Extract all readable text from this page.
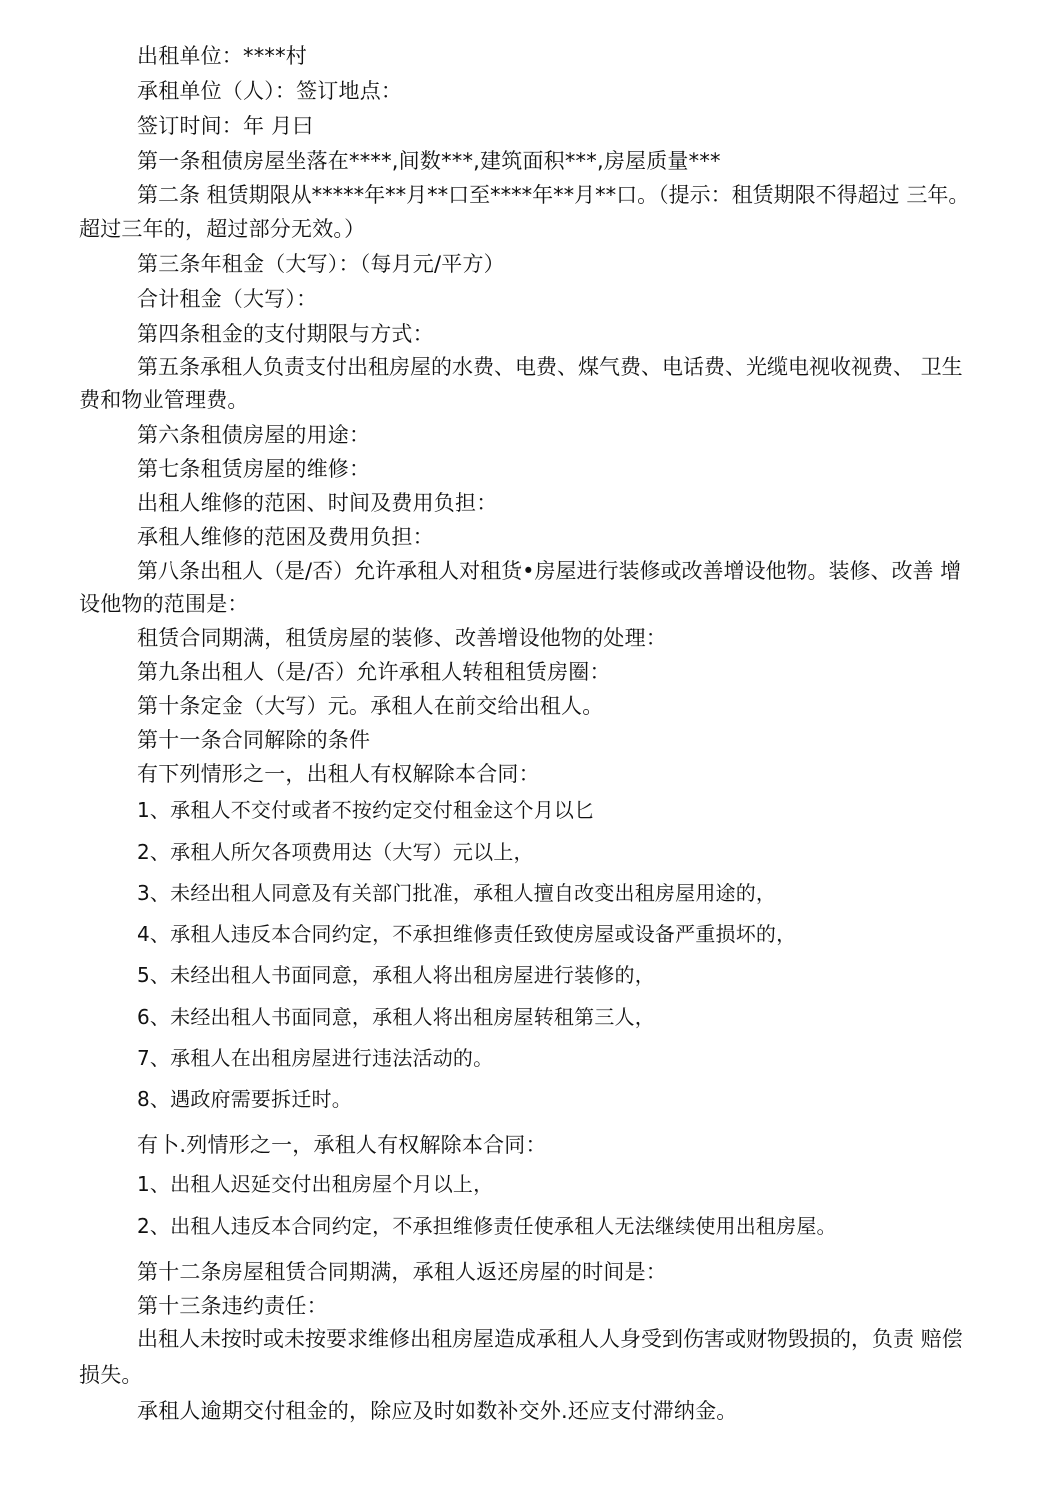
出租单位：****村

承租单位（人）：签订地点：

签订时间：年 月曰

第一条租债房屋坐落在****,间数***,建筑面积***,房屋质量***

第二条 租赁期限从*****年**月**口至****年**月**口。（提示：租赁期限不得超过 三年。

超过三年的，超过部分无效。）

第三条年租金（大写）：（每月元/平方）

合计租金（大写）：

第四条租金的支付期限与方式：

第五条承租人负责支付出租房屋的水费、电费、煤气费、电话费、光缆电视收视费、 卫生

费和物业管理费。

第六条租债房屋的用途：

第七条租赁房屋的维修：

出租人维修的范困、时间及费用负担：

承租人维修的范困及费用负担：

第八条出租人（是/否）允许承租人对租货•房屋进行装修或改善增设他物。装修、改善 增

设他物的范围是：

租赁合同期满，租赁房屋的装修、改善增设他物的处理：

第九条出租人（是/否）允许承租人转租租赁房圈：

第十条定金（大写）元。承租人在前交给出租人。

第十一条合同解除的条件

有下列情形之一，出租人有权解除本合同：

1、承租人不交付或者不按约定交付租金这个月以匕

2、承租人所欠各项费用达（大写）元以上，

3、未经出租人同意及有关部门批准，承租人擅自改变出租房屋用途的，

4、承租人违反本合同约定，不承担维修责任致使房屋或设备严重损坏的，

5、未经出租人书面同意，承租人将出租房屋进行装修的，

6、未经出租人书面同意，承租人将出租房屋转租第三人，

7、承租人在出租房屋进行违法活动的。

8、遇政府需要拆迁时。

有卜.列情形之一，承租人有权解除本合同：

1、出租人迟延交付出租房屋个月以上，

2、出租人违反本合同约定，不承担维修责任使承租人无法继续使用出租房屋。

第十二条房屋租赁合同期满，承租人返还房屋的时间是：

第十三条违约责任：

出租人未按时或未按要求维修出租房屋造成承租人人身受到伤害或财物毁损的，负责 赔偿

损失。

承租人逾期交付租金的，除应及时如数补交外.还应支付滞纳金。
